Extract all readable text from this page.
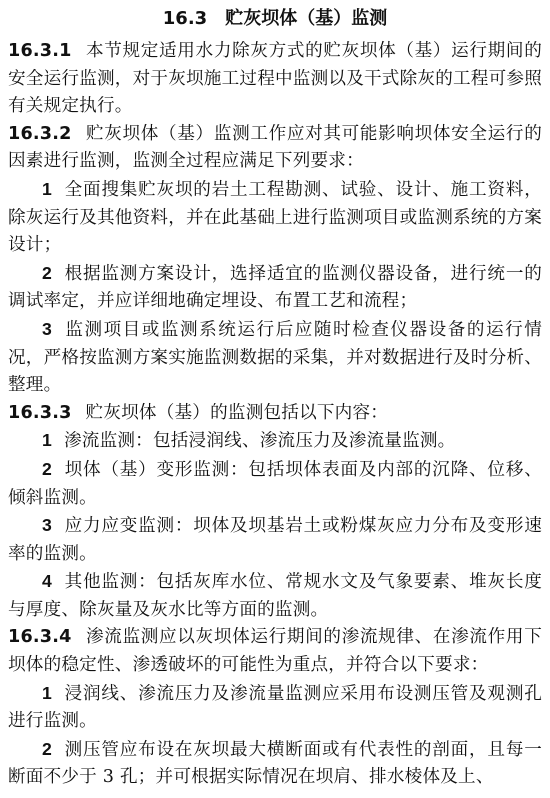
16.3 贮灰坝体（基）监测

16.3.1 本节规定适用水力除灰方式的贮灰坝体（基）运行期间的安全运行监测，对于灰坝施工过程中监测以及干式除灰的工程可参照有关规定执行。

16.3.2 贮灰坝体（基）监测工作应对其可能影响坝体安全运行的因素进行监测，监测全过程应满足下列要求：

1 全面搜集贮灰坝的岩土工程勘测、试验、设计、施工资料，除灰运行及其他资料，并在此基础上进行监测项目或监测系统的方案设计；

2 根据监测方案设计，选择适宜的监测仪器设备，进行统一的调试率定，并应详细地确定埋设、布置工艺和流程；

3 监测项目或监测系统运行后应随时检查仪器设备的运行情况，严格按监测方案实施监测数据的采集，并对数据进行及时分析、整理。

16.3.3 贮灰坝体（基）的监测包括以下内容：

1 渗流监测：包括浸润线、渗流压力及渗流量监测。

2 坝体（基）变形监测：包括坝体表面及内部的沉降、位移、倾斜监测。

3 应力应变监测：坝体及坝基岩土或粉煤灰应力分布及变形速率的监测。

4 其他监测：包括灰库水位、常规水文及气象要素、堆灰长度与厚度、除灰量及灰水比等方面的监测。

16.3.4 渗流监测应以灰坝体运行期间的渗流规律、在渗流作用下坝体的稳定性、渗透破坏的可能性为重点，并符合以下要求：

1 浸润线、渗流压力及渗流量监测应采用布设测压管及观测孔进行监测。

2 测压管应布设在灰坝最大横断面或有代表性的剖面，且每一断面不少于 3 孔；并可根据实际情况在坝肩、排水棱体及上、
